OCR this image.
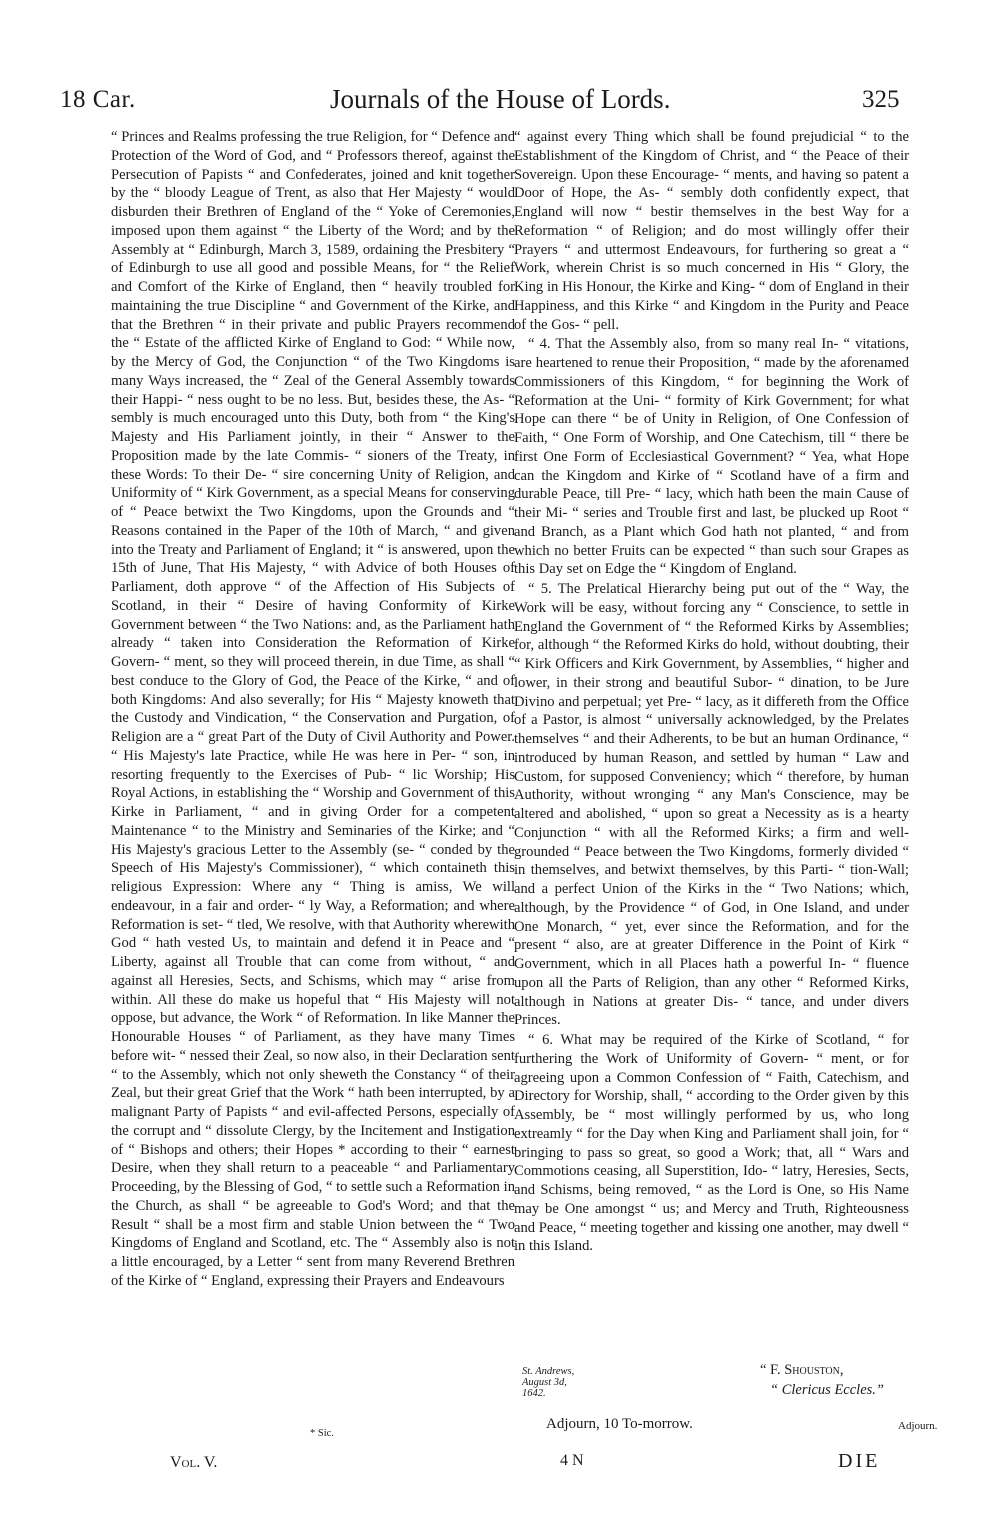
18 Car.	Journals of the House of Lords.	325

“ Princes and Realms professing the true Religion, for “ Defence and Protection of the Word of God, and “ Professors thereof, against the Persecution of Papists “ and Confederates, joined and knit together by the “ bloody League of Trent, as also that Her Majesty “ would disburden their Brethren of England of the “ Yoke of Ceremonies, imposed upon them against “ the Liberty of the Word; and by the Assembly at “ Edinburgh, March 3, 1589, ordaining the Presbitery “ of Edinburgh to use all good and possible Means, for “ the Relief and Comfort of the Kirke of England, then “ heavily troubled for maintaining the true Discipline “ and Government of the Kirke, and that the Brethren “ in their private and public Prayers recommend the “ Estate of the afflicted Kirke of England to God: “ While now, by the Mercy of God, the Conjunction “ of the Two Kingdoms is many Ways increased, the “ Zeal of the General Assembly towards their Happi- “ ness ought to be no less. But, besides these, the As- “ sembly is much encouraged unto this Duty, both from “ the King's Majesty and His Parliament jointly, in their “ Answer to the Proposition made by the late Commis- “ sioners of the Treaty, in these Words: To their De- “ sire concerning Unity of Religion, and Uniformity of “ Kirk Government, as a special Means for conserving of “ Peace betwixt the Two Kingdoms, upon the Grounds and “ Reasons contained in the Paper of the 10th of March, “ and given into the Treaty and Parliament of England; it “ is answered, upon the 15th of June, That His Majesty, “ with Advice of both Houses of Parliament, doth approve “ of the Affection of His Subjects of Scotland, in their “ Desire of having Conformity of Kirke Government between “ the Two Nations: and, as the Parliament hath already “ taken into Consideration the Reformation of Kirke Govern- “ ment, so they will proceed therein, in due Time, as shall “ best conduce to the Glory of God, the Peace of the Kirke, “ and of both Kingdoms: And also severally; for His “ Majesty knoweth that the Custody and Vindication, “ the Conservation and Purgation, of Religion are a “ great Part of the Duty of Civil Authority and Power. “ His Majesty's late Practice, while He was here in Per- “ son, in resorting frequently to the Exercises of Pub- “ lic Worship; His Royal Actions, in establishing the “ Worship and Government of this Kirke in Parliament, “ and in giving Order for a competent Maintenance “ to the Ministry and Seminaries of the Kirke; and “ His Majesty's gracious Letter to the Assembly (se- “ conded by the Speech of His Majesty's Commissioner), “ which containeth this religious Expression: Where any “ Thing is amiss, We will endeavour, in a fair and order- “ ly Way, a Reformation; and where Reformation is set- “ tled, We resolve, with that Authority wherewith God “ hath vested Us, to maintain and defend it in Peace and “ Liberty, against all Trouble that can come from without, “ and against all Heresies, Sects, and Schisms, which may “ arise from within. All these do make us hopeful that “ His Majesty will not oppose, but advance, the Work “ of Reformation. In like Manner the Honourable Houses “ of Parliament, as they have many Times before wit- “ nessed their Zeal, so now also, in their Declaration sent “ to the Assembly, which not only sheweth the Constancy “ of their Zeal, but their great Grief that the Work “ hath been interrupted, by a malignant Party of Papists “ and evil-affected Persons, especially of the corrupt and “ dissolute Clergy, by the Incitement and Instigation of “ Bishops and others; their Hopes * according to their “ earnest Desire, when they shall return to a peaceable “ and Parliamentary Proceeding, by the Blessing of God, “ to settle such a Reformation in the Church, as shall “ be agreeable to God's Word; and that the Result “ shall be a most firm and stable Union between the “ Two Kingdoms of England and Scotland, etc. The “ Assembly also is not a little encouraged, by a Letter “ sent from many Reverend Brethren of the Kirke of “ England, expressing their Prayers and Endeavours

“ against every Thing which shall be found prejudicial “ to the Establishment of the Kingdom of Christ, and “ the Peace of their Sovereign. Upon these Encourage- “ ments, and having so patent a Door of Hope, the As- “ sembly doth confidently expect, that England will now “ bestir themselves in the best Way for a Reformation “ of Religion; and do most willingly offer their Prayers “ and uttermost Endeavours, for furthering so great a “ Work, wherein Christ is so much concerned in His “ Glory, the King in His Honour, the Kirke and King- “ dom of England in their Happiness, and this Kirke “ and Kingdom in the Purity and Peace of the Gos- “ pell.

“ 4. That the Assembly also, from so many real In- “ vitations, are heartened to renue their Proposition, “ made by the aforenamed Commissioners of this Kingdom, “ for beginning the Work of Reformation at the Uni- “ formity of Kirk Government; for what Hope can there “ be of Unity in Religion, of One Confession of Faith, “ One Form of Worship, and One Catechism, till “ there be first One Form of Ecclesiastical Government? “ Yea, what Hope can the Kingdom and Kirke of “ Scotland have of a firm and durable Peace, till Pre- “ lacy, which hath been the main Cause of their Mi- “ series and Trouble first and last, be plucked up Root “ and Branch, as a Plant which God hath not planted, “ and from which no better Fruits can be expected “ than such sour Grapes as this Day set on Edge the “ Kingdom of England.

“ 5. The Prelatical Hierarchy being put out of the “ Way, the Work will be easy, without forcing any “ Conscience, to settle in England the Government of “ the Reformed Kirks by Assemblies; for, although “ the Reformed Kirks do hold, without doubting, their “ Kirk Officers and Kirk Government, by Assemblies, “ higher and lower, in their strong and beautiful Subor- “ dination, to be Jure Divino and perpetual; yet Pre- “ lacy, as it differeth from the Office of a Pastor, is almost “ universally acknowledged, by the Prelates themselves “ and their Adherents, to be but an human Ordinance, “ introduced by human Reason, and settled by human “ Law and Custom, for supposed Conveniency; which “ therefore, by human Authority, without wronging “ any Man's Conscience, may be altered and abolished, “ upon so great a Necessity as is a hearty Conjunction “ with all the Reformed Kirks; a firm and well-grounded “ Peace between the Two Kingdoms, formerly divided “ in themselves, and betwixt themselves, by this Parti- “ tion-Wall; and a perfect Union of the Kirks in the “ Two Nations; which, although, by the Providence “ of God, in One Island, and under One Monarch, “ yet, ever since the Reformation, and for the present “ also, are at greater Difference in the Point of Kirk “ Government, which in all Places hath a powerful In- “ fluence upon all the Parts of Religion, than any other “ Reformed Kirks, although in Nations at greater Dis- “ tance, and under divers Princes.

“ 6. What may be required of the Kirke of Scotland, “ for furthering the Work of Uniformity of Govern- “ ment, or for agreeing upon a Common Confession of “ Faith, Catechism, and Directory for Worship, shall, “ according to the Order given by this Assembly, be “ most willingly performed by us, who long extreamly “ for the Day when King and Parliament shall join, for “ bringing to pass so great, so good a Work; that, all “ Wars and Commotions ceasing, all Superstition, Ido- “ latry, Heresies, Sects, and Schisms, being removed, “ as the Lord is One, so His Name may be One amongst “ us; and Mercy and Truth, Righteousness and Peace, “ meeting together and kissing one another, may dwell “ in this Island.

St. Andrews,
August 3d,
1642.
“ F. Shouston,
“ Clericus Eccles.”
Adjourn, 10 To-morrow.	Adjourn.
* Sic.
Vol. V.	4 N	DIE
